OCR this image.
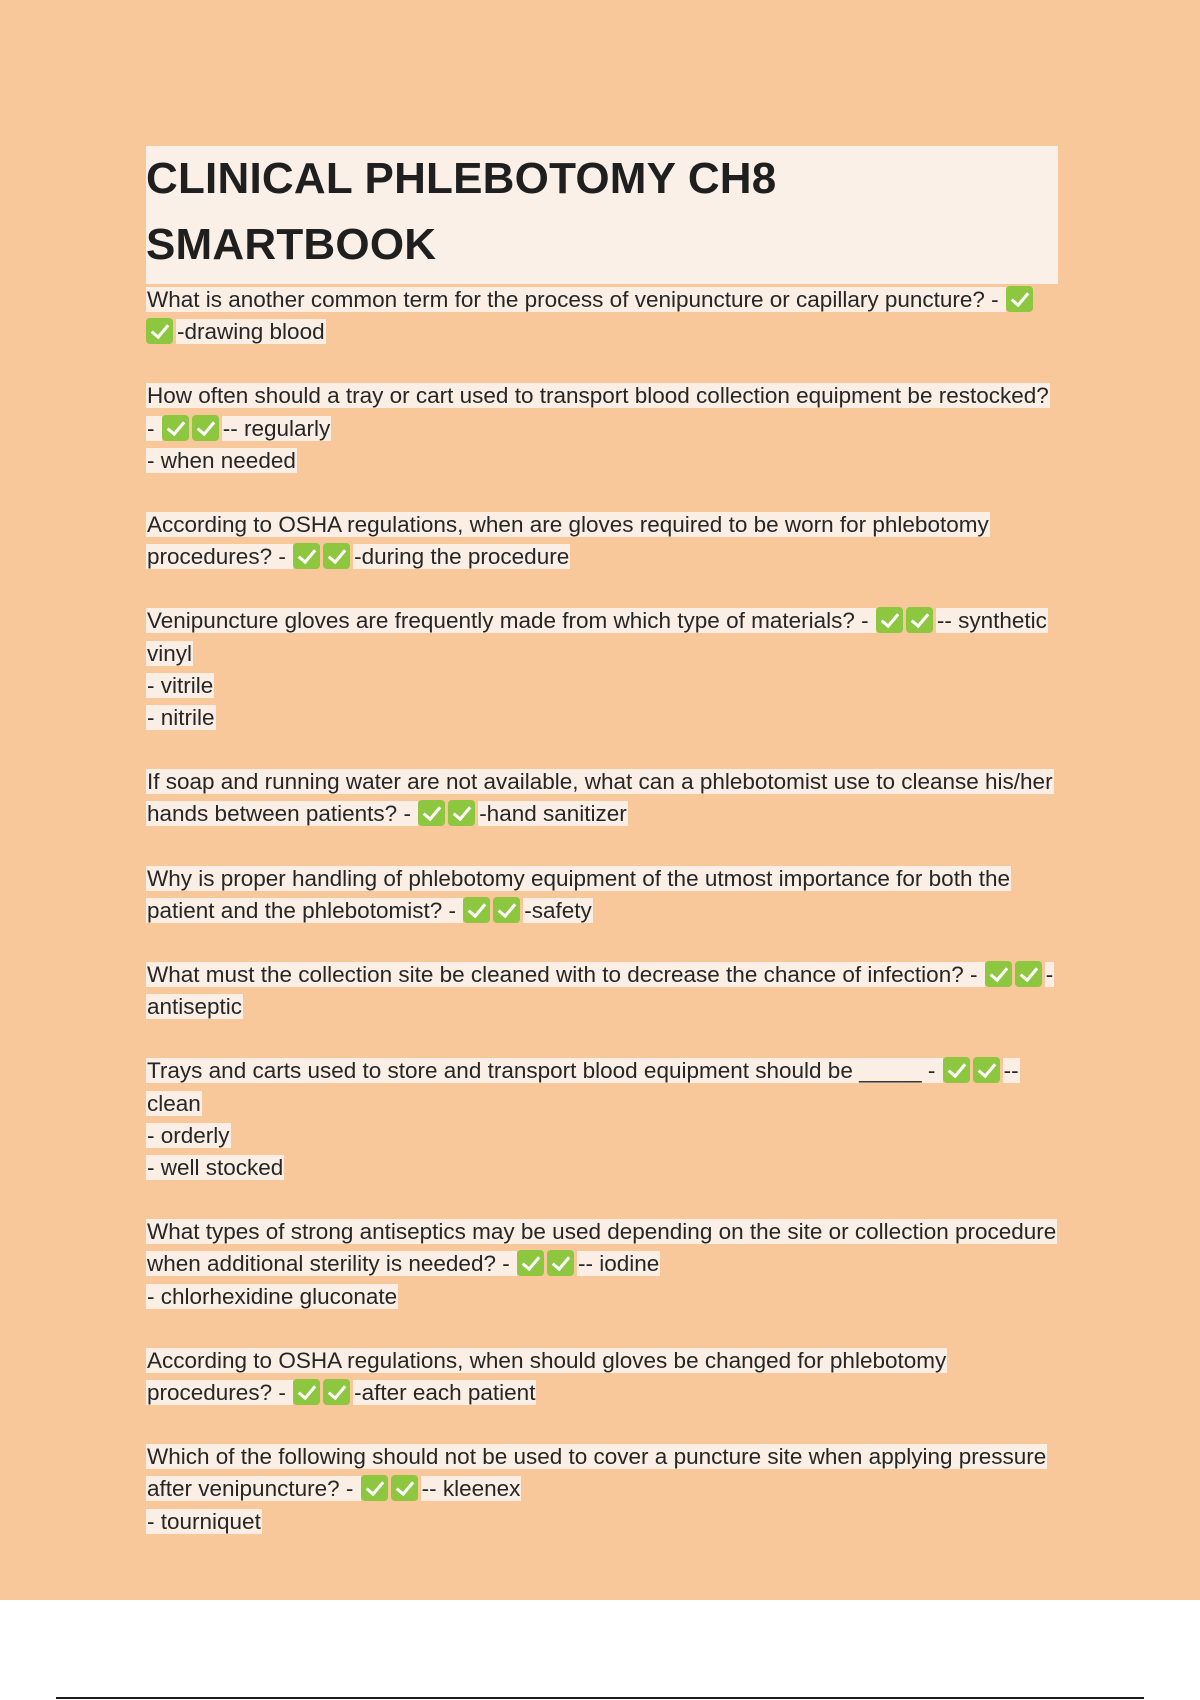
CLINICAL PHLEBOTOMY CH8
SMARTBOOK
What is another common term for the process of venipuncture or capillary puncture? - -drawing blood
How often should a tray or cart used to transport blood collection equipment be restocked? -	-- regularly
- when needed
According to OSHA regulations, when are gloves required to be worn for phlebotomy procedures? -	-during the procedure
Venipuncture gloves are frequently made from which type of materials? -	-- synthetic vinyl
- vitrile
- nitrile
If soap and running water are not available, what can a phlebotomist use to cleanse his/her hands between patients? -	-hand sanitizer
Why is proper handling of phlebotomy equipment of the utmost importance for both the patient and the phlebotomist? -	-safety
What must the collection site be cleaned with to decrease the chance of infection? -	-antiseptic
Trays and carts used to store and transport blood equipment should be _____ -	-- clean
- orderly
- well stocked
What types of strong antiseptics may be used depending on the site or collection procedure when additional sterility is needed? -	-- iodine
- chlorhexidine gluconate
According to OSHA regulations, when should gloves be changed for phlebotomy procedures? -	-after each patient
Which of the following should not be used to cover a puncture site when applying pressure after venipuncture? -	-- kleenex
- tourniquet
